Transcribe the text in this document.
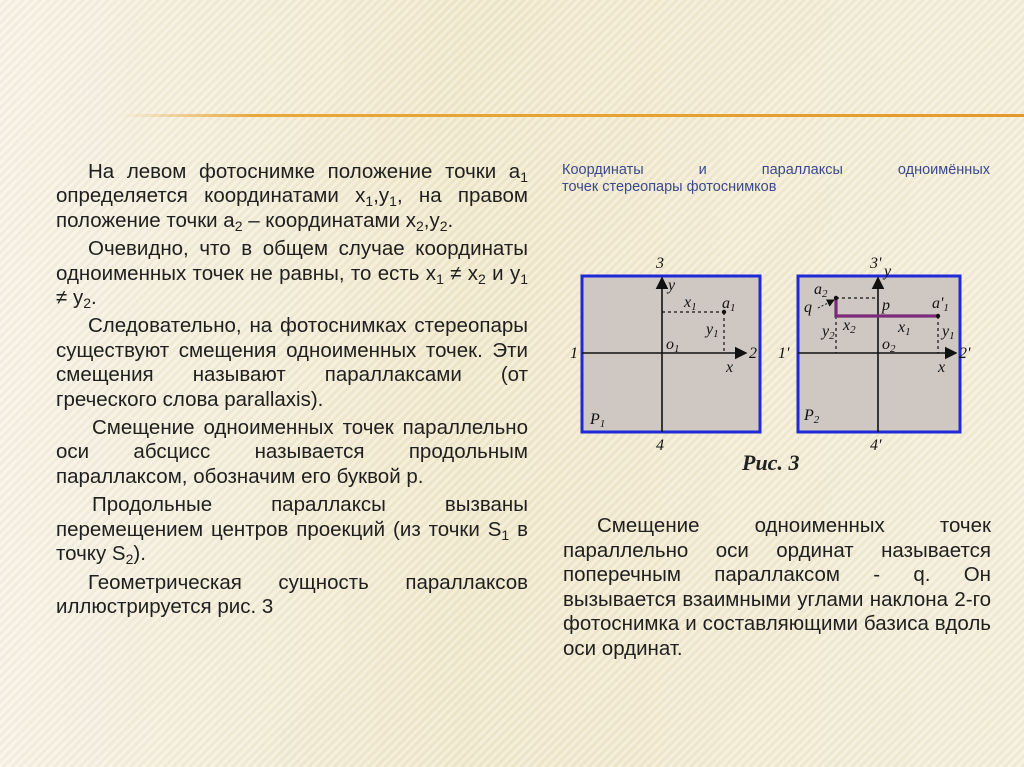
На левом фотоснимке положение точки $а_1$ определяется координатами $x_1,y_1$, на правом положение точки $а_2$ – координатами $x_2,y_2$.

Очевидно, что в общем случае координаты одноименных точек не равны, то есть $x_1 \ne x_2$ и $y_1 \ne y_2$.

Следовательно, на фотоснимках стереопары существуют смещения одноименных точек. Эти смещения называют параллаксами (от греческого слова parallaxis).

Смещение одноименных точек параллельно оси абсцисс называется продольным параллаксом, обозначим его буквой p.

Продольные параллаксы вызваны перемещением центров проекций (из точки $S_1$ в точку $S_2$).

Геометрическая сущность параллаксов иллюстрируется рис. 3

Координаты и параллаксы одноимённых
точек стереопары фотоснимков
3
4
1	2
y
x
o1
a1
x1
y1
P1
3'
4'
1'	2'
y
x
o2
a2
a'1
q	p
x1
x2
y2	y1
P2
Рис. 3

Смещение одноименных точек параллельно оси ординат называется поперечным параллаксом - q. Он вызывается взаимными углами наклона 2-го фотоснимка и составляющими базиса вдоль оси ординат.
